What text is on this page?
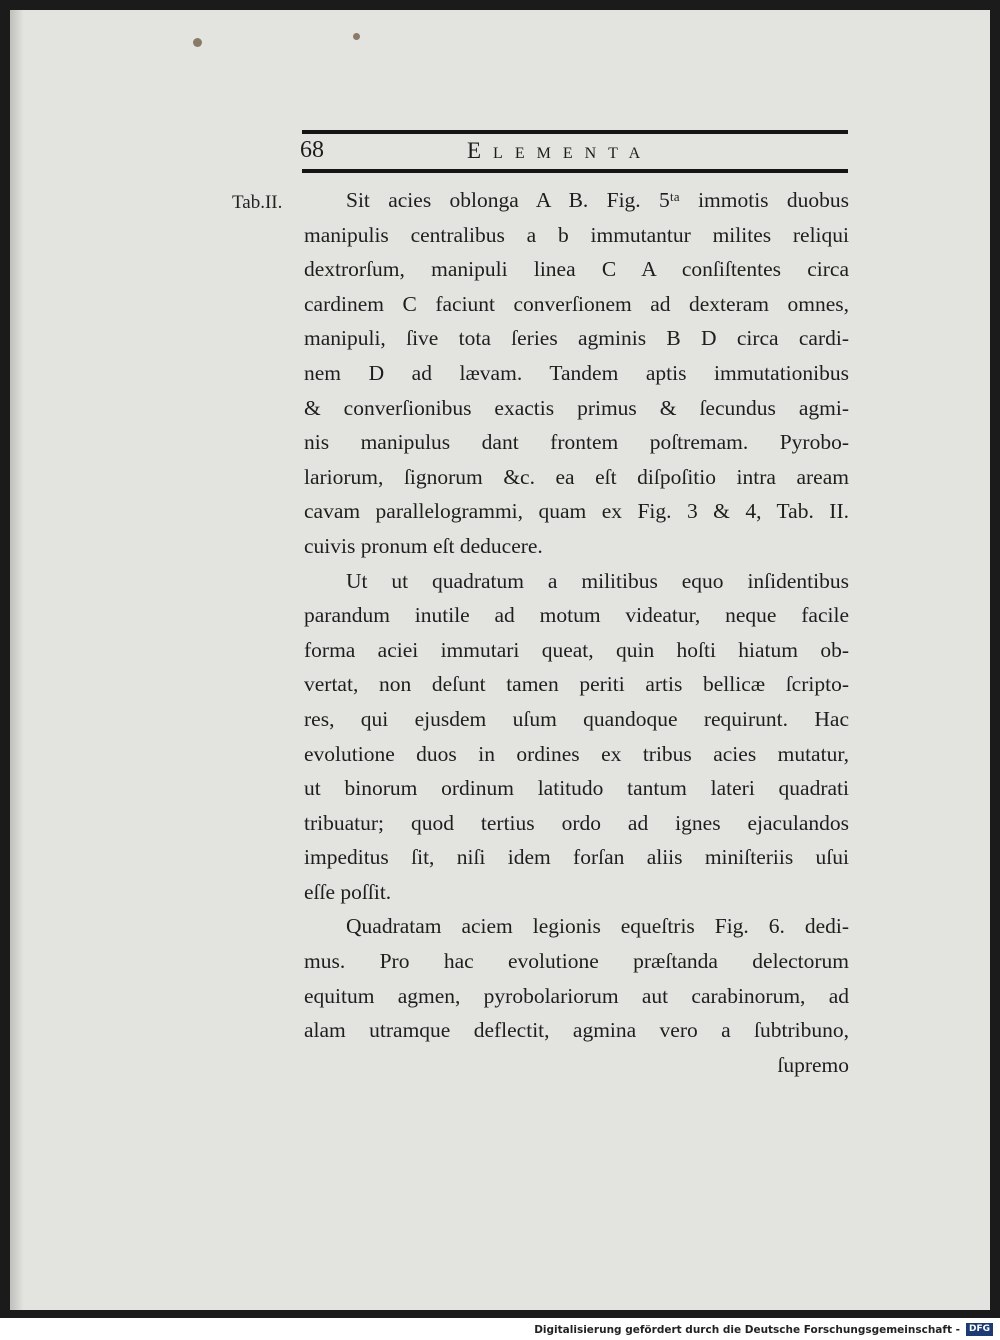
68	Elementa
Tab.II.	Sit acies oblonga A B. Fig. 5ᵗᵃ immotis duobus
manipulis centralibus a b immutantur milites reliqui
dextrorſum, manipuli linea C A conſiſtentes circa
cardinem C faciunt converſionem ad dexteram omnes,
manipuli, ſive tota ſeries agminis B D circa cardi-
nem D ad lævam. Tandem aptis immutationibus
& converſionibus exactis primus & ſecundus agmi-
nis manipulus dant frontem poſtremam. Pyrobo-
lariorum, ſignorum &c. ea eſt diſpoſitio intra aream
cavam parallelogrammi, quam ex Fig. 3 & 4, Tab. II.
cuivis pronum eſt deducere.
Ut ut quadratum a militibus equo inſidentibus
parandum inutile ad motum videatur, neque facile
forma aciei immutari queat, quin hoſti hiatum ob-
vertat, non deſunt tamen periti artis bellicæ ſcripto-
res, qui ejusdem uſum quandoque requirunt. Hac
evolutione duos in ordines ex tribus acies mutatur,
ut binorum ordinum latitudo tantum lateri quadrati
tribuatur; quod tertius ordo ad ignes ejaculandos
impeditus ſit, niſi idem forſan aliis miniſteriis uſui
eſſe poſſit.
Quadratam aciem legionis equeſtris Fig. 6. dedi-
mus. Pro hac evolutione præſtanda delectorum
equitum agmen, pyrobolariorum aut carabinorum, ad
alam utramque deflectit, agmina vero a ſubtribuno,
ſupremo
Digitalisierung gefördert durch die Deutsche Forschungsgemeinschaft - DFG
